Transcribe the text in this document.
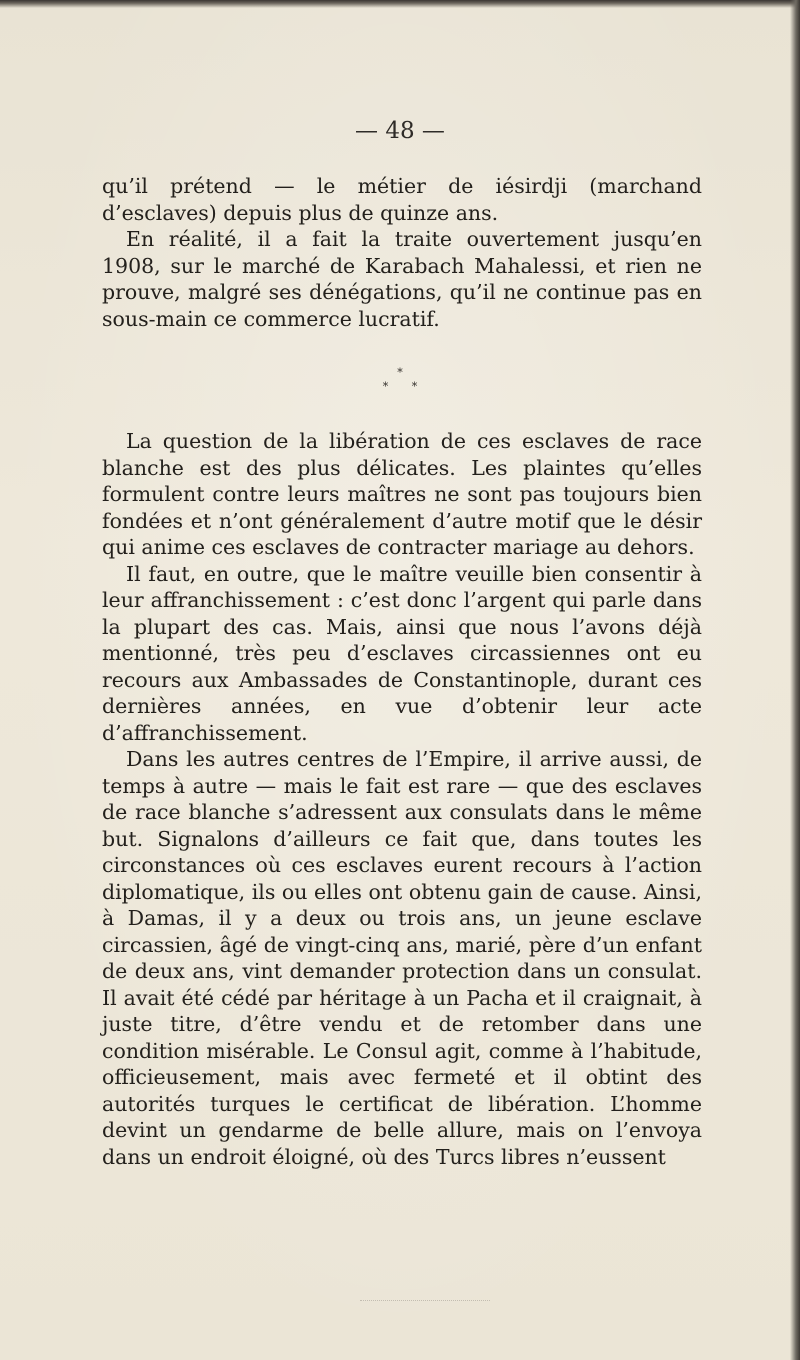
— 48 —

qu’il prétend — le métier de iésirdji (marchand d’esclaves) depuis plus de quinze ans.

En réalité, il a fait la traite ouvertement jusqu’en 1908, sur le marché de Karabach Mahalessi, et rien ne prouve, malgré ses dénégations, qu’il ne continue pas en sous-main ce commerce lucratif.

*
* *

La question de la libération de ces esclaves de race blanche est des plus délicates. Les plaintes qu’elles formulent contre leurs maîtres ne sont pas toujours bien fondées et n’ont généralement d’autre motif que le désir qui anime ces esclaves de contracter mariage au dehors.

Il faut, en outre, que le maître veuille bien consentir à leur affranchissement : c’est donc l’argent qui parle dans la plupart des cas. Mais, ainsi que nous l’avons déjà mentionné, très peu d’esclaves circassiennes ont eu recours aux Ambassades de Constantinople, durant ces dernières années, en vue d’obtenir leur acte d’affranchissement.

Dans les autres centres de l’Empire, il arrive aussi, de temps à autre — mais le fait est rare — que des esclaves de race blanche s’adressent aux consulats dans le même but. Signalons d’ailleurs ce fait que, dans toutes les circonstances où ces esclaves eurent recours à l’action diplomatique, ils ou elles ont obtenu gain de cause. Ainsi, à Damas, il y a deux ou trois ans, un jeune esclave circassien, âgé de vingt-cinq ans, marié, père d’un enfant de deux ans, vint demander protection dans un consulat. Il avait été cédé par héritage à un Pacha et il craignait, à juste titre, d’être vendu et de retomber dans une condition misérable. Le Consul agit, comme à l’habitude, officieusement, mais avec fermeté et il obtint des autorités turques le certificat de libération. L’homme devint un gendarme de belle allure, mais on l’envoya dans un endroit éloigné, où des Turcs libres n’eussent
